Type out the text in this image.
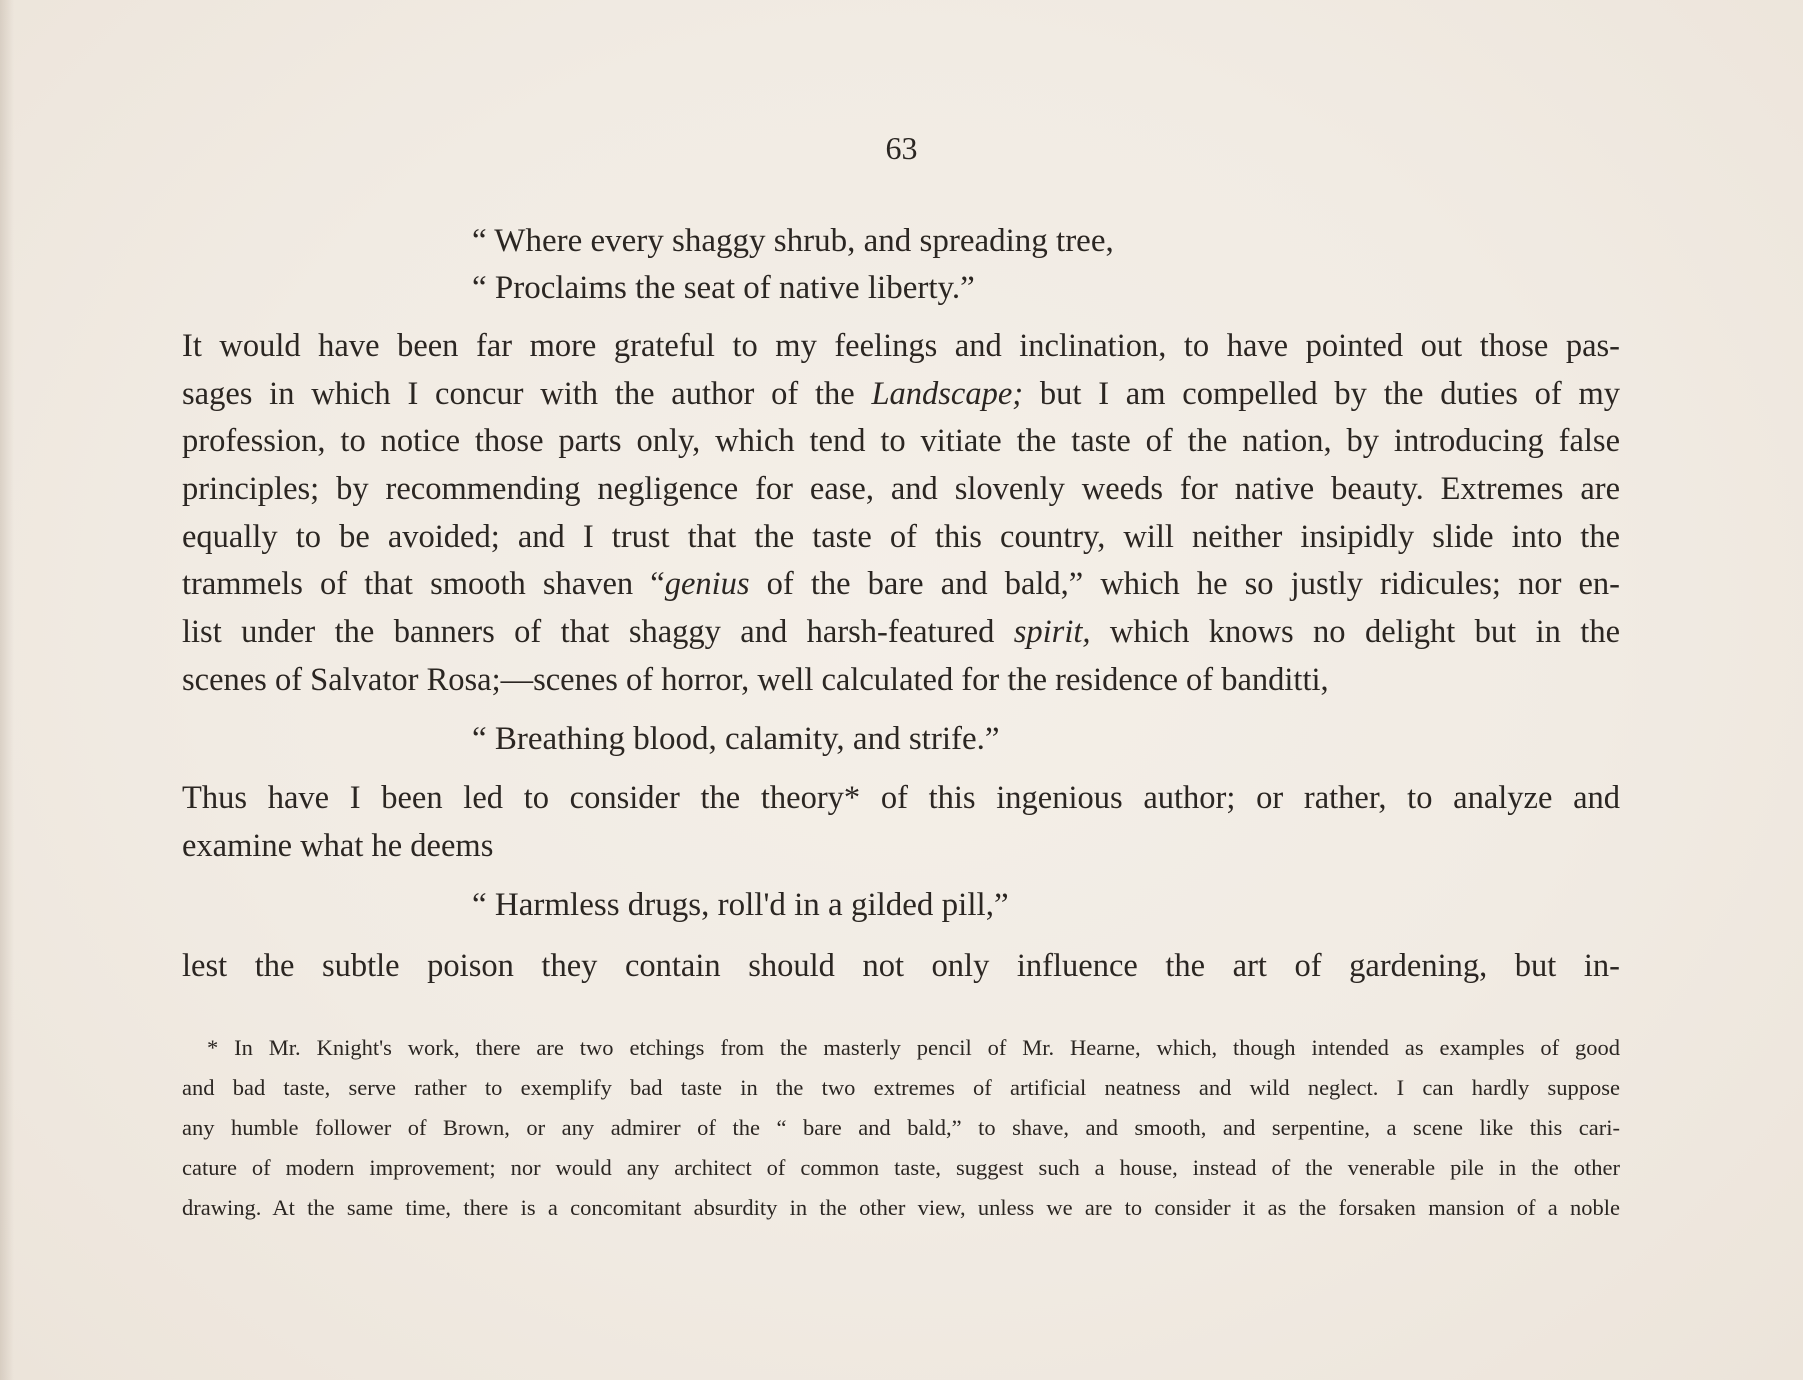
63
“ Where every shaggy shrub, and spreading tree,
“ Proclaims the seat of native liberty.”
It would have been far more grateful to my feelings and inclination, to have pointed out those pas-
sages in which I concur with the author of the Landscape; but I am compelled by the duties of my
profession, to notice those parts only, which tend to vitiate the taste of the nation, by introducing false
principles; by recommending negligence for ease, and slovenly weeds for native beauty. Extremes are
equally to be avoided; and I trust that the taste of this country, will neither insipidly slide into the
trammels of that smooth shaven “genius of the bare and bald,” which he so justly ridicules; nor en-
list under the banners of that shaggy and harsh-featured spirit, which knows no delight but in the
scenes of Salvator Rosa;—scenes of horror, well calculated for the residence of banditti,
“ Breathing blood, calamity, and strife.”
Thus have I been led to consider the theory* of this ingenious author; or rather, to analyze and
examine what he deems
“ Harmless drugs, roll'd in a gilded pill,”
lest the subtle poison they contain should not only influence the art of gardening, but in-
* In Mr. Knight's work, there are two etchings from the masterly pencil of Mr. Hearne, which, though intended as examples of good
and bad taste, serve rather to exemplify bad taste in the two extremes of artificial neatness and wild neglect. I can hardly suppose
any humble follower of Brown, or any admirer of the “ bare and bald,” to shave, and smooth, and serpentine, a scene like this cari-
cature of modern improvement; nor would any architect of common taste, suggest such a house, instead of the venerable pile in the other
drawing. At the same time, there is a concomitant absurdity in the other view, unless we are to consider it as the forsaken mansion of a noble
